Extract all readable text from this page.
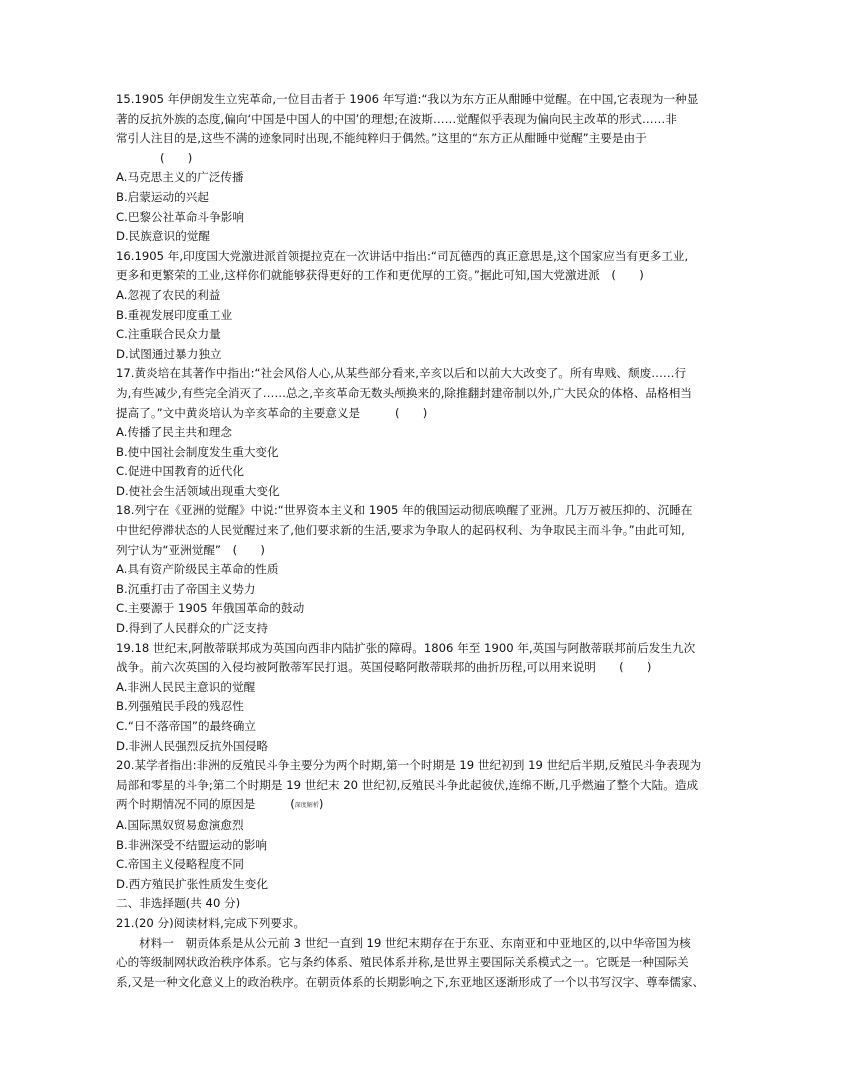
15.1905 年伊朗发生立宪革命,一位目击者于 1906 年写道:“我以为东方正从酣睡中觉醒。在中国,它表现为一种显
著的反抗外族的态度,偏向‘中国是中国人的中国’的理想;在波斯……觉醒似乎表现为偏向民主改革的形式……非
常引人注目的是,这些不满的迹象同时出现,不能纯粹归于偶然。”这里的“东方正从酣睡中觉醒”主要是由于
(　　)
A.马克思主义的广泛传播
B.启蒙运动的兴起
C.巴黎公社革命斗争影响
D.民族意识的觉醒
16.1905 年,印度国大党激进派首领提拉克在一次讲话中指出:“司瓦德西的真正意思是,这个国家应当有更多工业,
更多和更繁荣的工业,这样你们就能够获得更好的工作和更优厚的工资。”据此可知,国大党激进派　(　　)
A.忽视了农民的利益
B.重视发展印度重工业
C.注重联合民众力量
D.试图通过暴力独立
17.黄炎培在其著作中指出:“社会风俗人心,从某些部分看来,辛亥以后和以前大大改变了。所有卑贱、颓废……行
为,有些减少,有些完全消灭了……总之,辛亥革命无数头颅换来的,除推翻封建帝制以外,广大民众的体格、品格相当
提高了。”文中黄炎培认为辛亥革命的主要意义是　　　(　　)
A.传播了民主共和理念
B.使中国社会制度发生重大变化
C.促进中国教育的近代化
D.使社会生活领域出现重大变化
18.列宁在《亚洲的觉醒》中说:“世界资本主义和 1905 年的俄国运动彻底唤醒了亚洲。几万万被压抑的、沉睡在
中世纪停滞状态的人民觉醒过来了,他们要求新的生活,要求为争取人的起码权利、为争取民主而斗争。”由此可知,
列宁认为“亚洲觉醒”　(　　)
A.具有资产阶级民主革命的性质
B.沉重打击了帝国主义势力
C.主要源于 1905 年俄国革命的鼓动
D.得到了人民群众的广泛支持
19.18 世纪末,阿散蒂联邦成为英国向西非内陆扩张的障碍。1806 年至 1900 年,英国与阿散蒂联邦前后发生九次
战争。前六次英国的入侵均被阿散蒂军民打退。英国侵略阿散蒂联邦的曲折历程,可以用来说明　　(　　)
A.非洲人民民主意识的觉醒
B.列强殖民手段的残忍性
C.“日不落帝国”的最终确立
D.非洲人民强烈反抗外国侵略
20.某学者指出:非洲的反殖民斗争主要分为两个时期,第一个时期是 19 世纪初到 19 世纪后半期,反殖民斗争表现为
局部和零星的斗争;第二个时期是 19 世纪末 20 世纪初,反殖民斗争此起彼伏,连绵不断,几乎燃遍了整个大陆。造成
两个时期情况不同的原因是　　　(深度解析)
A.国际黑奴贸易愈演愈烈
B.非洲深受不结盟运动的影响
C.帝国主义侵略程度不同
D.西方殖民扩张性质发生变化
二、非选择题(共 40 分)
21.(20 分)阅读材料,完成下列要求。
材料一　朝贡体系是从公元前 3 世纪一直到 19 世纪末期存在于东亚、东南亚和中亚地区的,以中华帝国为核
心的等级制网状政治秩序体系。它与条约体系、殖民体系并称,是世界主要国际关系模式之一。它既是一种国际关
系,又是一种文化意义上的政治秩序。在朝贡体系的长期影响之下,东亚地区逐渐形成了一个以书写汉字、尊奉儒家、
